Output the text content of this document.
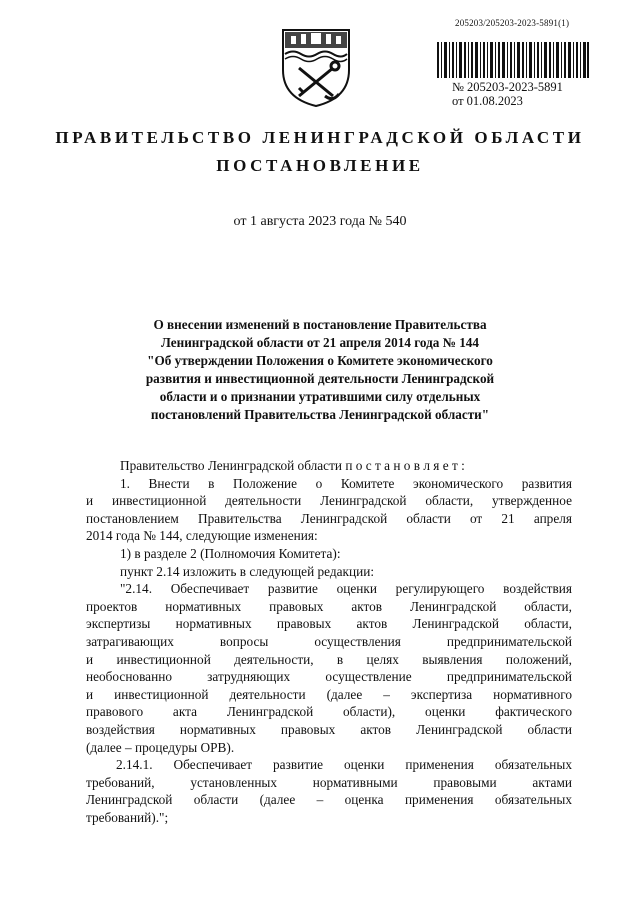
205203/205203-2023-5891(1)
№ 205203-2023-5891
от 01.08.2023
ПРАВИТЕЛЬСТВО ЛЕНИНГРАДСКОЙ ОБЛАСТИ
ПОСТАНОВЛЕНИЕ
от 1 августа 2023 года № 540
О внесении изменений в постановление Правительства
Ленинградской области от 21 апреля 2014 года № 144
"Об утверждении Положения о Комитете экономического
развития и инвестиционной деятельности Ленинградской
области и о признании утратившими силу отдельных
постановлений Правительства Ленинградской области"
Правительство Ленинградской области п о с т а н о в л я е т :
1. Внести в Положение о Комитете экономического развития
и инвестиционной деятельности Ленинградской области, утвержденное
постановлением Правительства Ленинградской области от 21 апреля
2014 года № 144, следующие изменения:
1) в разделе 2 (Полномочия Комитета):
пункт 2.14 изложить в следующей редакции:
"2.14. Обеспечивает развитие оценки регулирующего воздействия
проектов нормативных правовых актов Ленинградской области,
экспертизы нормативных правовых актов Ленинградской области,
затрагивающих вопросы осуществления предпринимательской
и инвестиционной деятельности, в целях выявления положений,
необоснованно затрудняющих осуществление предпринимательской
и инвестиционной деятельности (далее – экспертиза нормативного
правового акта Ленинградской области), оценки фактического
воздействия нормативных правовых актов Ленинградской области
(далее – процедуры ОРВ).
2.14.1. Обеспечивает развитие оценки применения обязательных
требований, установленных нормативными правовыми актами
Ленинградской области (далее – оценка применения обязательных
требований).";
